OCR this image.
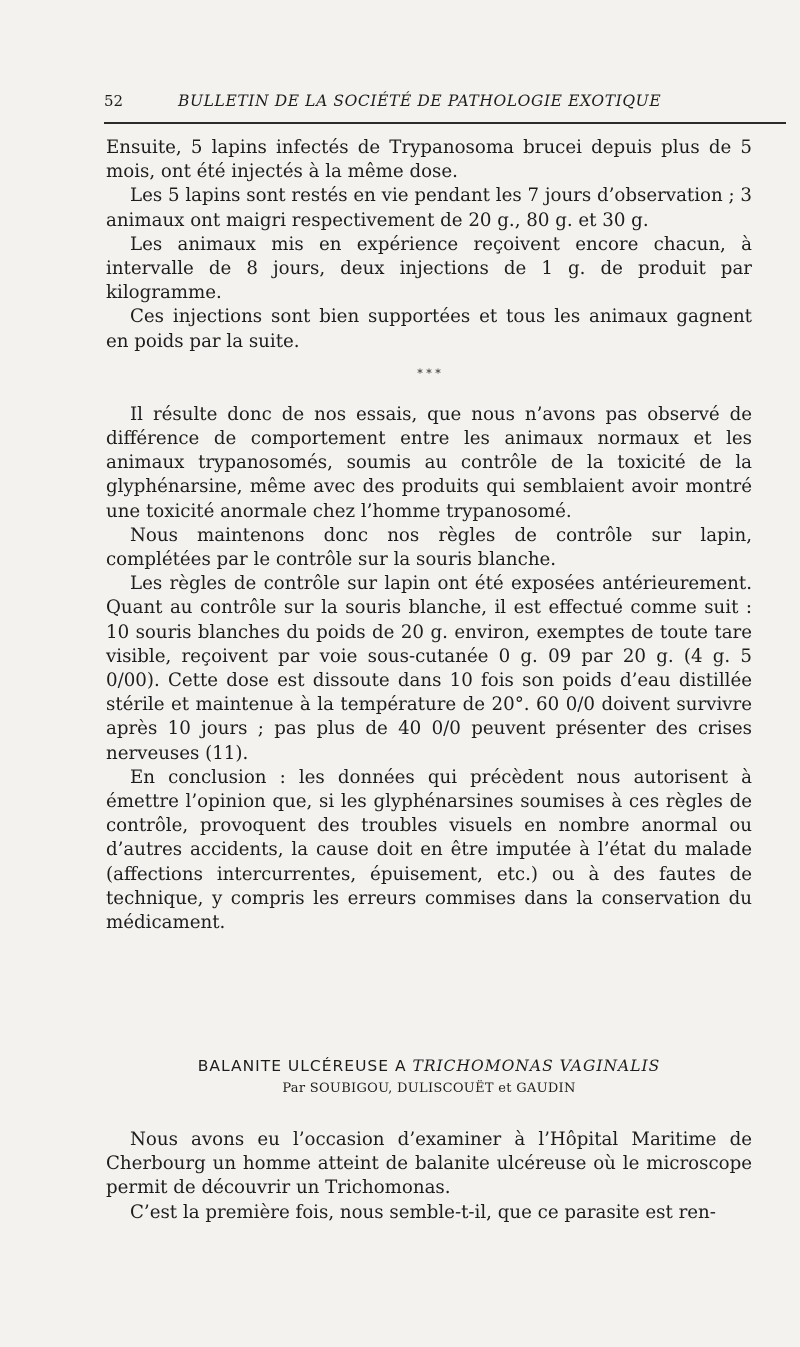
52	BULLETIN DE LA SOCIÉTÉ DE PATHOLOGIE EXOTIQUE

Ensuite, 5 lapins infectés de Trypanosoma brucei depuis plus de 5 mois, ont été injectés à la même dose.

Les 5 lapins sont restés en vie pendant les 7 jours d’observation ; 3 animaux ont maigri respectivement de 20 g., 80 g. et 30 g.

Les animaux mis en expérience reçoivent encore chacun, à intervalle de 8 jours, deux injections de 1 g. de produit par kilogramme.

Ces injections sont bien supportées et tous les animaux gagnent en poids par la suite.

* * *

Il résulte donc de nos essais, que nous n’avons pas observé de différence de comportement entre les animaux normaux et les animaux trypanosomés, soumis au contrôle de la toxicité de la glyphénarsine, même avec des produits qui semblaient avoir montré une toxicité anormale chez l’homme trypanosomé.

Nous maintenons donc nos règles de contrôle sur lapin, complétées par le contrôle sur la souris blanche.

Les règles de contrôle sur lapin ont été exposées antérieurement. Quant au contrôle sur la souris blanche, il est effectué comme suit : 10 souris blanches du poids de 20 g. environ, exemptes de toute tare visible, reçoivent par voie sous-cutanée 0 g. 09 par 20 g. (4 g. 5 0/00). Cette dose est dissoute dans 10 fois son poids d’eau distillée stérile et maintenue à la température de 20°. 60 0/0 doivent survivre après 10 jours ; pas plus de 40 0/0 peuvent présenter des crises nerveuses (11).

En conclusion : les données qui précèdent nous autorisent à émettre l’opinion que, si les glyphénarsines soumises à ces règles de contrôle, provoquent des troubles visuels en nombre anormal ou d’autres accidents, la cause doit en être imputée à l’état du malade (affections intercurrentes, épuisement, etc.) ou à des fautes de technique, y compris les erreurs commises dans la conservation du médicament.

BALANITE ULCÉREUSE A TRICHOMONAS VAGINALIS
Par SOUBIGOU, DULISCOUËT et GAUDIN

Nous avons eu l’occasion d’examiner à l’Hôpital Maritime de Cherbourg un homme atteint de balanite ulcéreuse où le microscope permit de découvrir un Trichomonas.

C’est la première fois, nous semble-t-il, que ce parasite est ren-
